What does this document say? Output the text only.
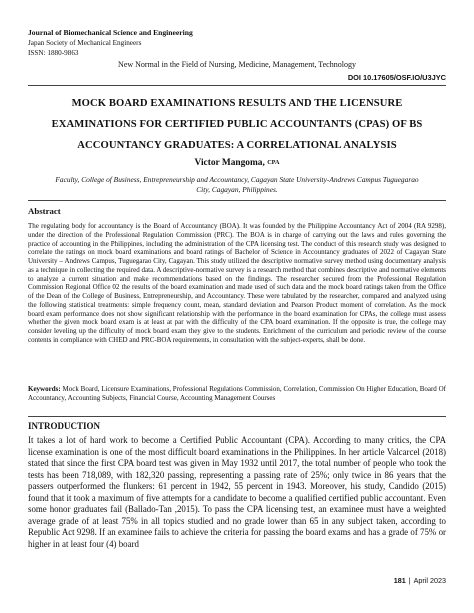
Journal of Biomechanical Science and Engineering
Japan Society of Mechanical Engineers
ISSN: 1880-9863
New Normal in the Field of Nursing, Medicine, Management, Technology
DOI 10.17605/OSF.IO/U3JYC
MOCK BOARD EXAMINATIONS RESULTS AND THE LICENSURE EXAMINATIONS FOR CERTIFIED PUBLIC ACCOUNTANTS (CPAS) OF BS ACCOUNTANCY GRADUATES: A CORRELATIONAL ANALYSIS
Victor Mangoma, CPA
Faculty, College of Business, Entrepreneurship and Accountancy, Cagayan State University-Andrews Campus Tuguegarao City, Cagayan, Philippines.
Abstract
The regulating body for accountancy is the Board of Accountancy (BOA). It was founded by the Philippine Accountancy Act of 2004 (RA 9298), under the direction of the Professional Regulation Commission (PRC). The BOA is in charge of carrying out the laws and rules governing the practice of accounting in the Philippines, including the administration of the CPA licensing test. The conduct of this research study was designed to correlate the ratings on mock board examinations and board ratings of Bachelor of Science in Accountancy graduates of 2022 of Cagayan State University – Andrews Campus, Tuguegarao City, Cagayan. This study utilized the descriptive normative survey method using documentary analysis as a technique in collecting the required data. A descriptive-normative survey is a research method that combines descriptive and normative elements to analyze a current situation and make recommendations based on the findings. The researcher secured from the Professional Regulation Commission Regional Office 02 the results of the board examination and made used of such data and the mock board ratings taken from the Office of the Dean of the College of Business, Entrepreneurship, and Accountancy. These were tabulated by the researcher, compared and analyzed using the following statistical treatments: simple frequency count, mean, standard deviation and Pearson Product moment of correlation. As the mock board exam performance does not show significant relationship with the performance in the board examination for CPAs, the college must assess whether the given mock board exam is at least at par with the difficulty of the CPA board examination. If the opposite is true, the college may consider leveling up the difficulty of mock board exam they give to the students. Enrichment of the curriculum and periodic review of the course contents in compliance with CHED and PRC-BOA requirements, in consultation with the subject-experts, shall be done.
Keywords: Mock Board, Licensure Examinations, Professional Regulations Commission, Correlation, Commission On Higher Education, Board Of Accountancy, Accounting Subjects, Financial Course, Accounting Management Courses
INTRODUCTION
It takes a lot of hard work to become a Certified Public Accountant (CPA). According to many critics, the CPA license examination is one of the most difficult board examinations in the Philippines. In her article Valcarcel (2018) stated that since the first CPA board test was given in May 1932 until 2017, the total number of people who took the tests has been 718,089, with 182,320 passing, representing a passing rate of 25%; only twice in 86 years that the passers outperformed the flunkers: 61 percent in 1942, 55 percent in 1943. Moreover, his study, Candido (2015) found that it took a maximum of five attempts for a candidate to become a qualified certified public accountant. Even some honor graduates fail (Ballado-Tan ,2015). To pass the CPA licensing test, an examinee must have a weighted average grade of at least 75% in all topics studied and no grade lower than 65 in any subject taken, according to Republic Act 9298. If an examinee fails to achieve the criteria for passing the board exams and has a grade of 75% or higher in at least four (4) board
181 | April 2023
